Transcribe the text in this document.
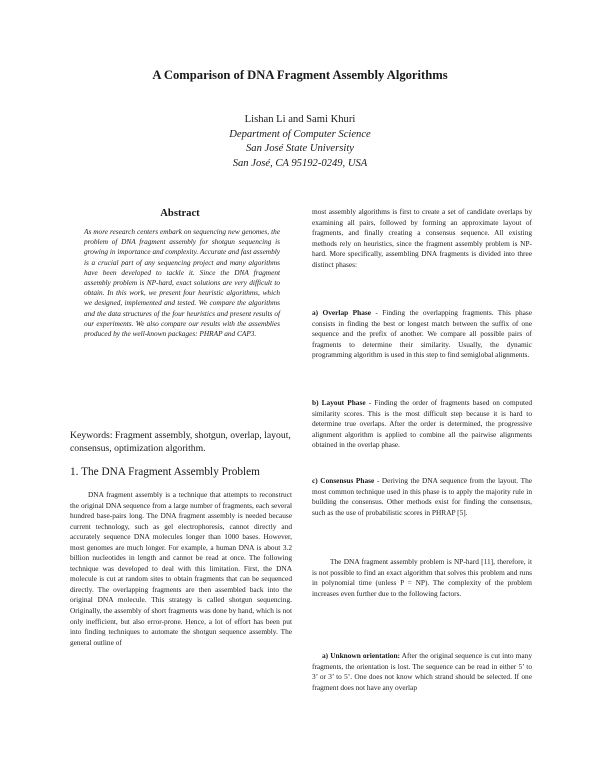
A Comparison of DNA Fragment Assembly Algorithms
Lishan Li and Sami Khuri
Department of Computer Science
San José State University
San José, CA 95192-0249, USA
Abstract
As more research centers embark on sequencing new genomes, the problem of DNA fragment assembly for shotgun sequencing is growing in importance and complexity. Accurate and fast assembly is a crucial part of any sequencing project and many algorithms have been developed to tackle it. Since the DNA fragment assembly problem is NP-hard, exact solutions are very difficult to obtain. In this work, we present four heuristic algorithms, which we designed, implemented and tested. We compare the algorithms and the data structures of the four heuristics and present results of our experiments. We also compare our results with the assemblies produced by the well-known packages: PHRAP and CAP3.
Keywords: Fragment assembly, shotgun, overlap, layout, consensus, optimization algorithm.
1. The DNA Fragment Assembly Problem
DNA fragment assembly is a technique that attempts to reconstruct the original DNA sequence from a large number of fragments, each several hundred base-pairs long. The DNA fragment assembly is needed because current technology, such as gel electrophoresis, cannot directly and accurately sequence DNA molecules longer than 1000 bases. However, most genomes are much longer. For example, a human DNA is about 3.2 billion nucleotides in length and cannot be read at once. The following technique was developed to deal with this limitation. First, the DNA molecule is cut at random sites to obtain fragments that can be sequenced directly. The overlapping fragments are then assembled back into the original DNA molecule. This strategy is called shotgun sequencing. Originally, the assembly of short fragments was done by hand, which is not only inefficient, but also error-prone. Hence, a lot of effort has been put into finding techniques to automate the shotgun sequence assembly. The general outline of
most assembly algorithms is first to create a set of candidate overlaps by examining all pairs, followed by forming an approximate layout of fragments, and finally creating a consensus sequence. All existing methods rely on heuristics, since the fragment assembly problem is NP-hard. More specifically, assembling DNA fragments is divided into three distinct phases:
a) Overlap Phase - Finding the overlapping fragments. This phase consists in finding the best or longest match between the suffix of one sequence and the prefix of another. We compare all possible pairs of fragments to determine their similarity. Usually, the dynamic programming algorithm is used in this step to find semiglobal alignments.
b) Layout Phase - Finding the order of fragments based on computed similarity scores. This is the most difficult step because it is hard to determine true overlaps. After the order is determined, the progressive alignment algorithm is applied to combine all the pairwise alignments obtained in the overlap phase.
c) Consensus Phase - Deriving the DNA sequence from the layout. The most common technique used in this phase is to apply the majority rule in building the consensus. Other methods exist for finding the consensus, such as the use of probabilistic scores in PHRAP [5].
The DNA fragment assembly problem is NP-hard [11], therefore, it is not possible to find an exact algorithm that solves this problem and runs in polynomial time (unless P = NP). The complexity of the problem increases even further due to the following factors.
a) Unknown orientation: After the original sequence is cut into many fragments, the orientation is lost. The sequence can be read in either 5’ to 3’ or 3’ to 5’. One does not know which strand should be selected. If one fragment does not have any overlap
